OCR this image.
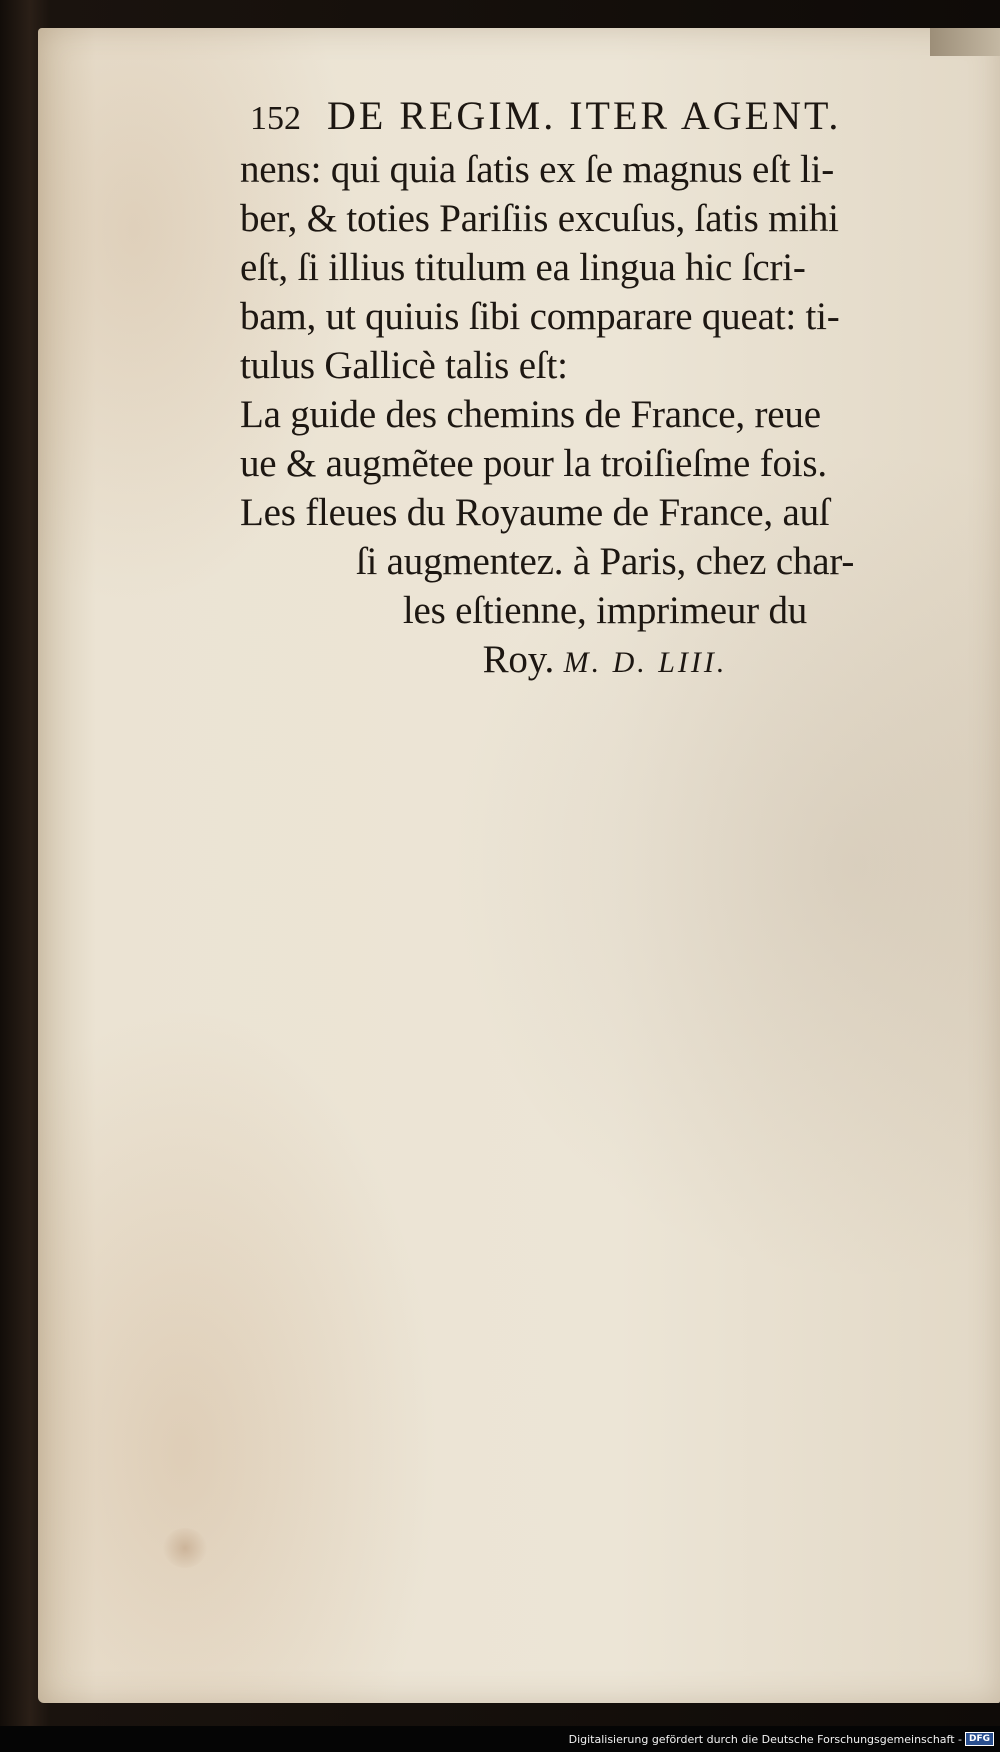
152 DE REGIM. ITER AGENT.
nens: qui quia ſatis ex ſe magnus eſt li-
ber, & toties Pariſiis excuſus, ſatis mihi
eſt, ſi illius titulum ea lingua hic ſcri-
bam, ut quiuis ſibi comparare queat: ti-
tulus Gallicè talis eſt:
La guide des chemins de France, reue
ue & augmẽtee pour la troiſieſme fois.
Les fleues du Royaume de France, auſ
ſi augmentez. à Paris, chez char-
les eſtienne, imprimeur du
Roy. M. D. LIII.
Digitalisierung gefördert durch die Deutsche Forschungsgemeinschaft - DFG
